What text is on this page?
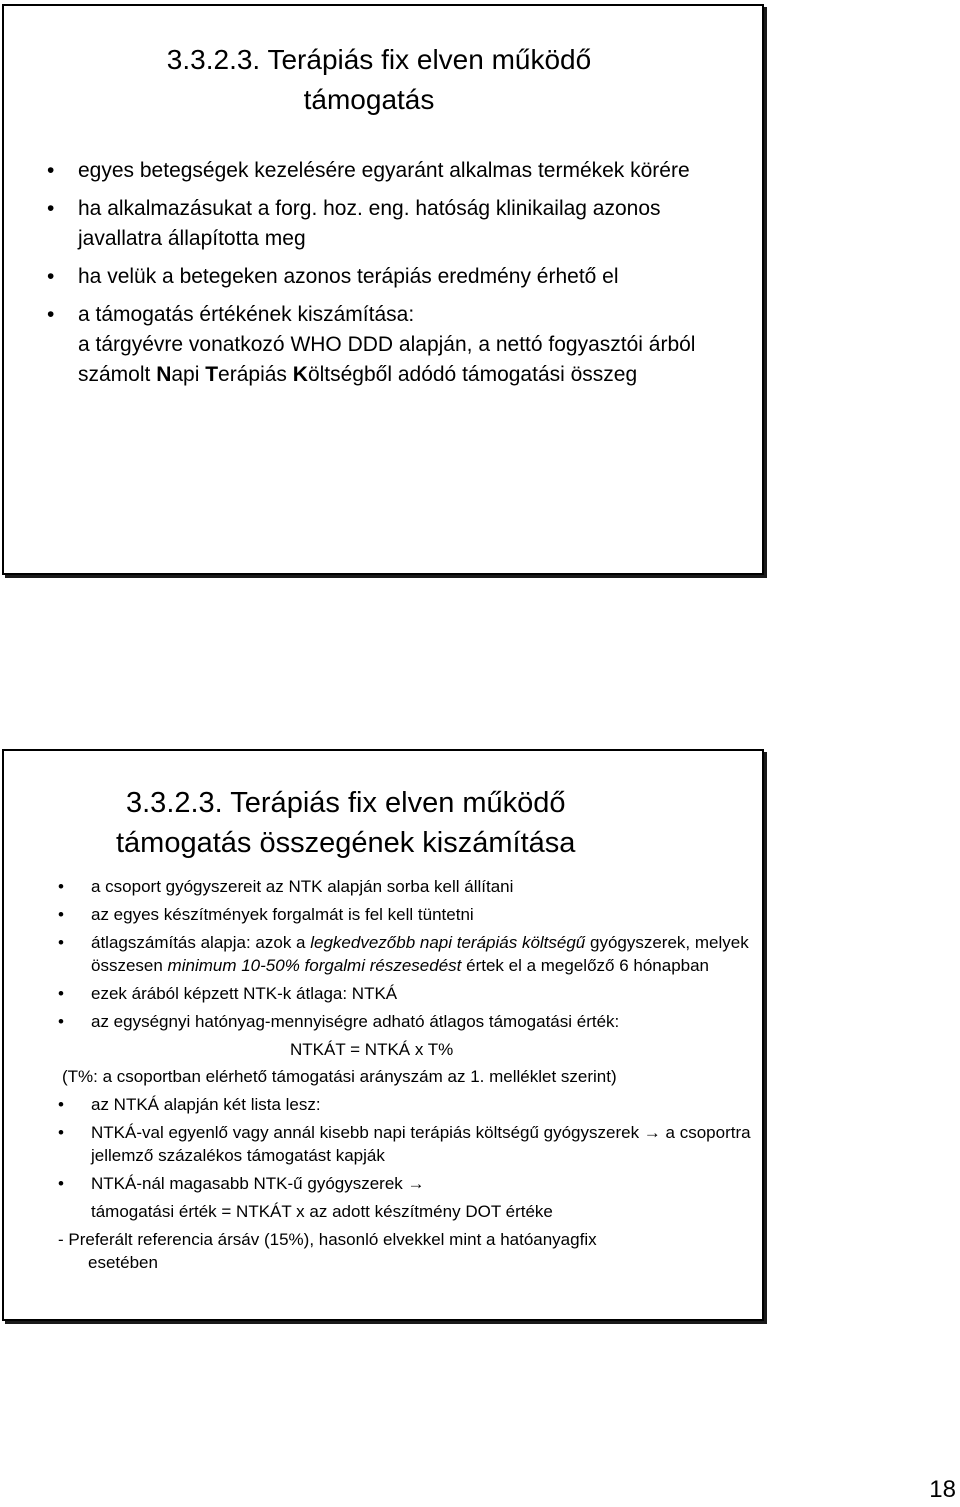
3.3.2.3. Terápiás fix elven működő
támogatás
• egyes betegségek kezelésére egyaránt alkalmas termékek körére
• ha alkalmazásukat a forg. hoz. eng. hatóság klinikailag azonos javallatra állapította meg
• ha velük a betegeken azonos terápiás eredmény érhető el
• a támogatás értékének kiszámítása:
a tárgyévre vonatkozó WHO DDD alapján, a nettó fogyasztói árból számolt Napi Terápiás Költségből adódó támogatási összeg
3.3.2.3. Terápiás fix elven működő
támogatás összegének kiszámítása
• a csoport gyógyszereit az NTK alapján sorba kell állítani
• az egyes készítmények forgalmát is fel kell tüntetni
• átlagszámítás alapja: azok a legkedvezőbb napi terápiás költségű gyógyszerek, melyek összesen minimum 10-50% forgalmi részesedést értek el a megelőző 6 hónapban
• ezek árából képzett NTK-k átlaga: NTKÁ
• az egységnyi hatónyag-mennyiségre adható átlagos támogatási érték:
NTKÁT = NTKÁ x T%
(T%: a csoportban elérhető támogatási arányszám az 1. melléklet szerint)
• az NTKÁ alapján két lista lesz:
• NTKÁ-val egyenlő vagy annál kisebb napi terápiás költségű gyógyszerek → a csoportra jellemző százalékos támogatást kapják
• NTKÁ-nál magasabb NTK-ű gyógyszerek →
támogatási érték = NTKÁT x az adott készítmény DOT értéke
- Preferált referencia ársáv (15%), hasonló elvekkel mint a hatóanyagfix
esetében
18
